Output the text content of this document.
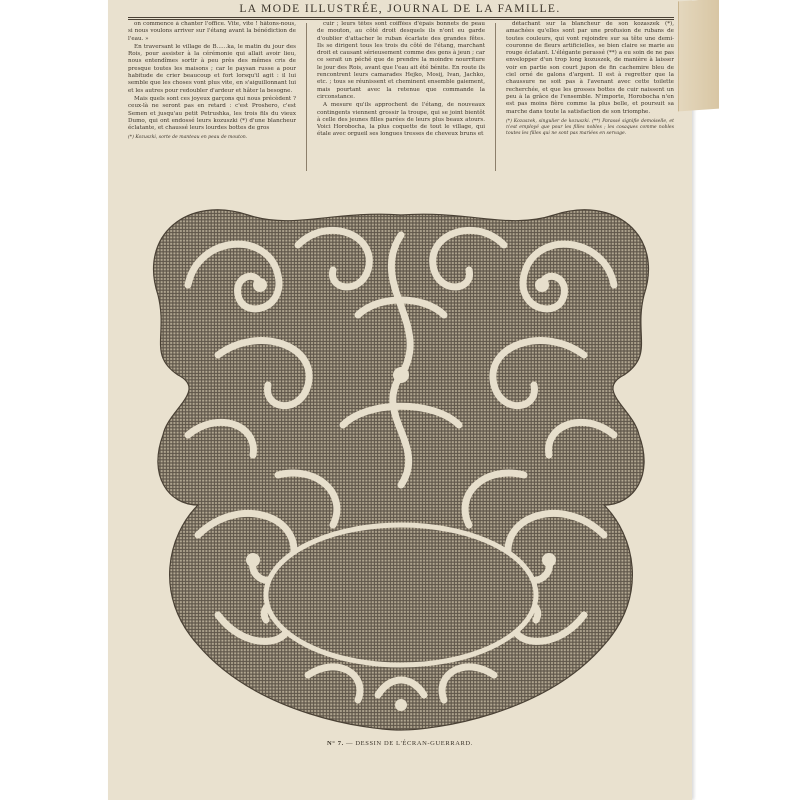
LA MODE ILLUSTRÉE, JOURNAL DE LA FAMILLE.

on commence à chanter l'office. Vite, vite ! hâtons-nous, si nous voulons arriver sur l'étang avant la bénédiction de l'eau. »

En traversant le village de B......ka, le matin du jour des Rois, pour assister à la cérémonie qui allait avoir lieu, nous entendîmes sortir à peu près des mêmes cris de presque toutes les maisons ; car le paysan russe a pour habitude de crier beaucoup et fort lorsqu'il agit : il lui semble que les choses vont plus vite, en s'aiguillonnant lui et les autres pour redoubler d'ardeur et hâter la besogne.

Mais quels sont ces joyeux garçons qui nous précèdent ? ceux-là ne seront pas en retard : c'est Proshero, c'est Semen et jusqu'au petit Petrushka, les trois fils du vieux Dumo, qui ont endossé leurs kozuszki (*) d'une blancheur éclatante, et chaussé leurs lourdes bottes de gros

(*) Kozuszki, sorte de manteau en peau de mouton.

cuir ; leurs têtes sont coiffées d'épais bonnets de peau de mouton, au côté droit desquels ils n'ont eu garde d'oublier d'attacher le ruban écarlate des grandes fêtes. Ils se dirigent tous les trois du côté de l'étang, marchant droit et causant sérieusement comme des gens à jeun ; car ce serait un péché que de prendre la moindre nourriture le jour des Rois, avant que l'eau ait été bénite. En route ils rencontrent leurs camarades Hejko, Mosij, Ivan, Jachko, etc. ; tous se réunissent et cheminent ensemble gaiement, mais pourtant avec la retenue que commande la circonstance.

A mesure qu'ils approchent de l'étang, de nouveaux contingents viennent grossir la troupe, qui se joint bientôt à celle des jeunes filles parées de leurs plus beaux atours. Voici Horobocha, la plus coquette de tout le village, qui étale avec orgueil ses longues tresses de cheveux bruns et

détachant sur la blancheur de son kozaszek (*), amachées qu'elles sont par une profusion de rubans de toutes couleurs, qui vont rejoindre sur sa tête une demi-couronne de fleurs artificielles, se bien claire se marie au rouge éclatant. L'élégante perassé (**) a eu soin de ne pas envelopper d'un trop long kozuszek, de manière à laisser voir en partie son court jupon de fin cachemire bleu de ciel orné de galons d'argent. Il est à regretter que la chaussure ne soit pas à l'avenant avec cette toilette recherchée, et que les grosses bottes de cuir naissent un peu à la grâce de l'ensemble. N'importe, Horobocha n'en est pas moins fière comme la plus belle, et poursuit sa marche dans toute la satisfaction de son triomphe.

(*) Kozaszek, singulier de kozuszki. (**) Parassé signifie demoiselle, et n'est employé que pour les filles nobles ; les cosaques comme nobles toutes les filles qui ne sont pas mariées en servage.

N° 7. — DESSIN DE L'ÉCRAN-GUERRARD.
